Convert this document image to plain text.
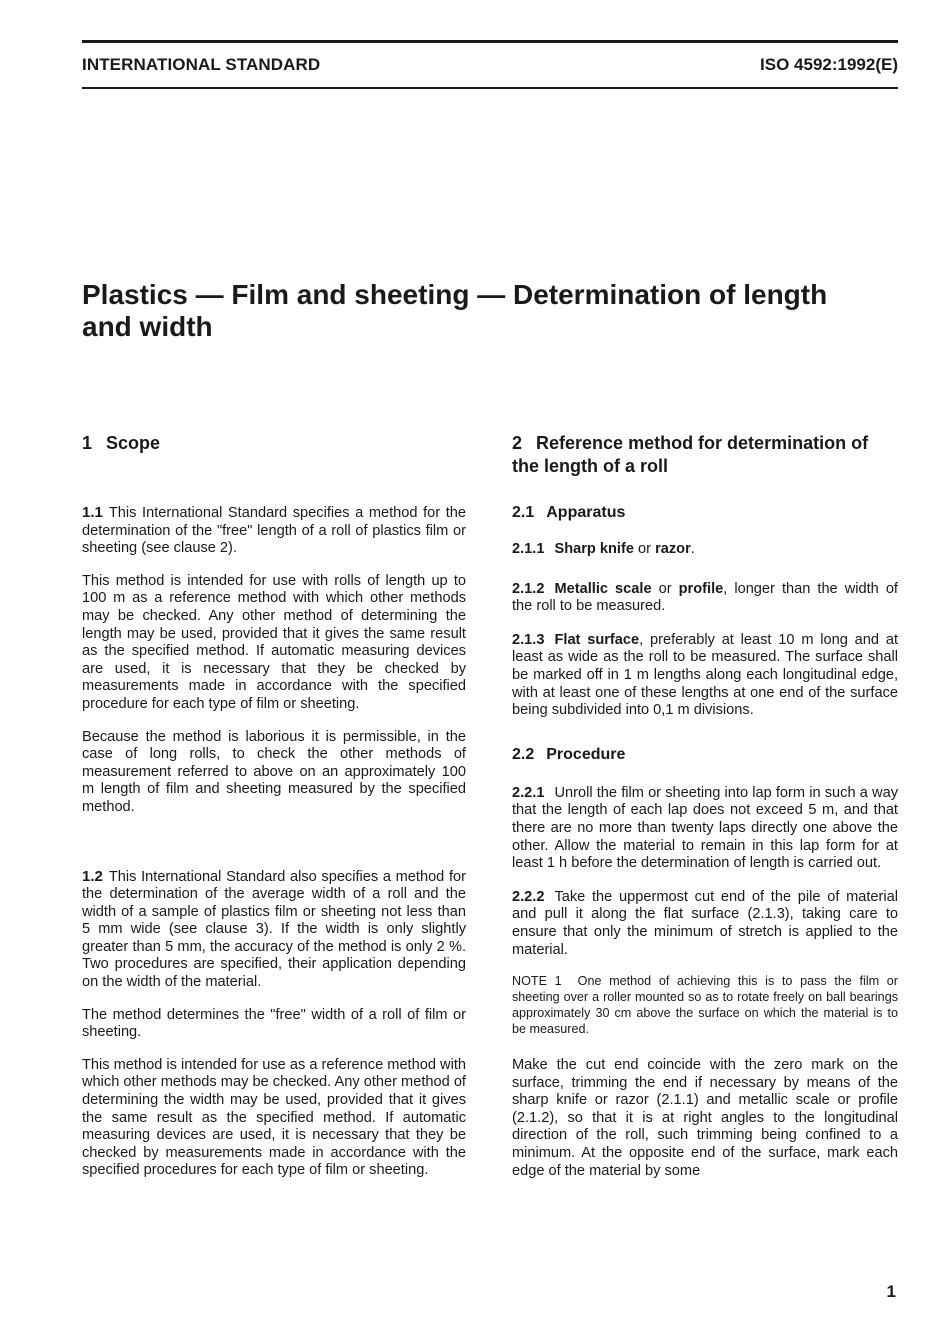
INTERNATIONAL STANDARD	ISO 4592:1992(E)
Plastics — Film and sheeting — Determination of length and width
1 Scope

1.1 This International Standard specifies a method for the determination of the "free" length of a roll of plastics film or sheeting (see clause 2).

This method is intended for use with rolls of length up to 100 m as a reference method with which other methods may be checked. Any other method of determining the length may be used, provided that it gives the same result as the specified method. If automatic measuring devices are used, it is necessary that they be checked by measurements made in accordance with the specified procedure for each type of film or sheeting.

Because the method is laborious it is permissible, in the case of long rolls, to check the other methods of measurement referred to above on an approximately 100 m length of film and sheeting measured by the specified method.

1.2 This International Standard also specifies a method for the determination of the average width of a roll and the width of a sample of plastics film or sheeting not less than 5 mm wide (see clause 3). If the width is only slightly greater than 5 mm, the accuracy of the method is only 2 %. Two procedures are specified, their application depending on the width of the material.

The method determines the "free" width of a roll of film or sheeting.

This method is intended for use as a reference method with which other methods may be checked. Any other method of determining the width may be used, provided that it gives the same result as the specified method. If automatic measuring devices are used, it is necessary that they be checked by measurements made in accordance with the specified procedures for each type of film or sheeting.

2 Reference method for determination of the length of a roll
2.1 Apparatus

2.1.1 Sharp knife or razor.

2.1.2 Metallic scale or profile, longer than the width of the roll to be measured.

2.1.3 Flat surface, preferably at least 10 m long and at least as wide as the roll to be measured. The surface shall be marked off in 1 m lengths along each longitudinal edge, with at least one of these lengths at one end of the surface being subdivided into 0,1 m divisions.

2.2 Procedure

2.2.1 Unroll the film or sheeting into lap form in such a way that the length of each lap does not exceed 5 m, and that there are no more than twenty laps directly one above the other. Allow the material to remain in this lap form for at least 1 h before the determination of length is carried out.

2.2.2 Take the uppermost cut end of the pile of material and pull it along the flat surface (2.1.3), taking care to ensure that only the minimum of stretch is applied to the material.

NOTE 1 One method of achieving this is to pass the film or sheeting over a roller mounted so as to rotate freely on ball bearings approximately 30 cm above the surface on which the material is to be measured.

Make the cut end coincide with the zero mark on the surface, trimming the end if necessary by means of the sharp knife or razor (2.1.1) and metallic scale or profile (2.1.2), so that it is at right angles to the longitudinal direction of the roll, such trimming being confined to a minimum. At the opposite end of the surface, mark each edge of the material by some

1
